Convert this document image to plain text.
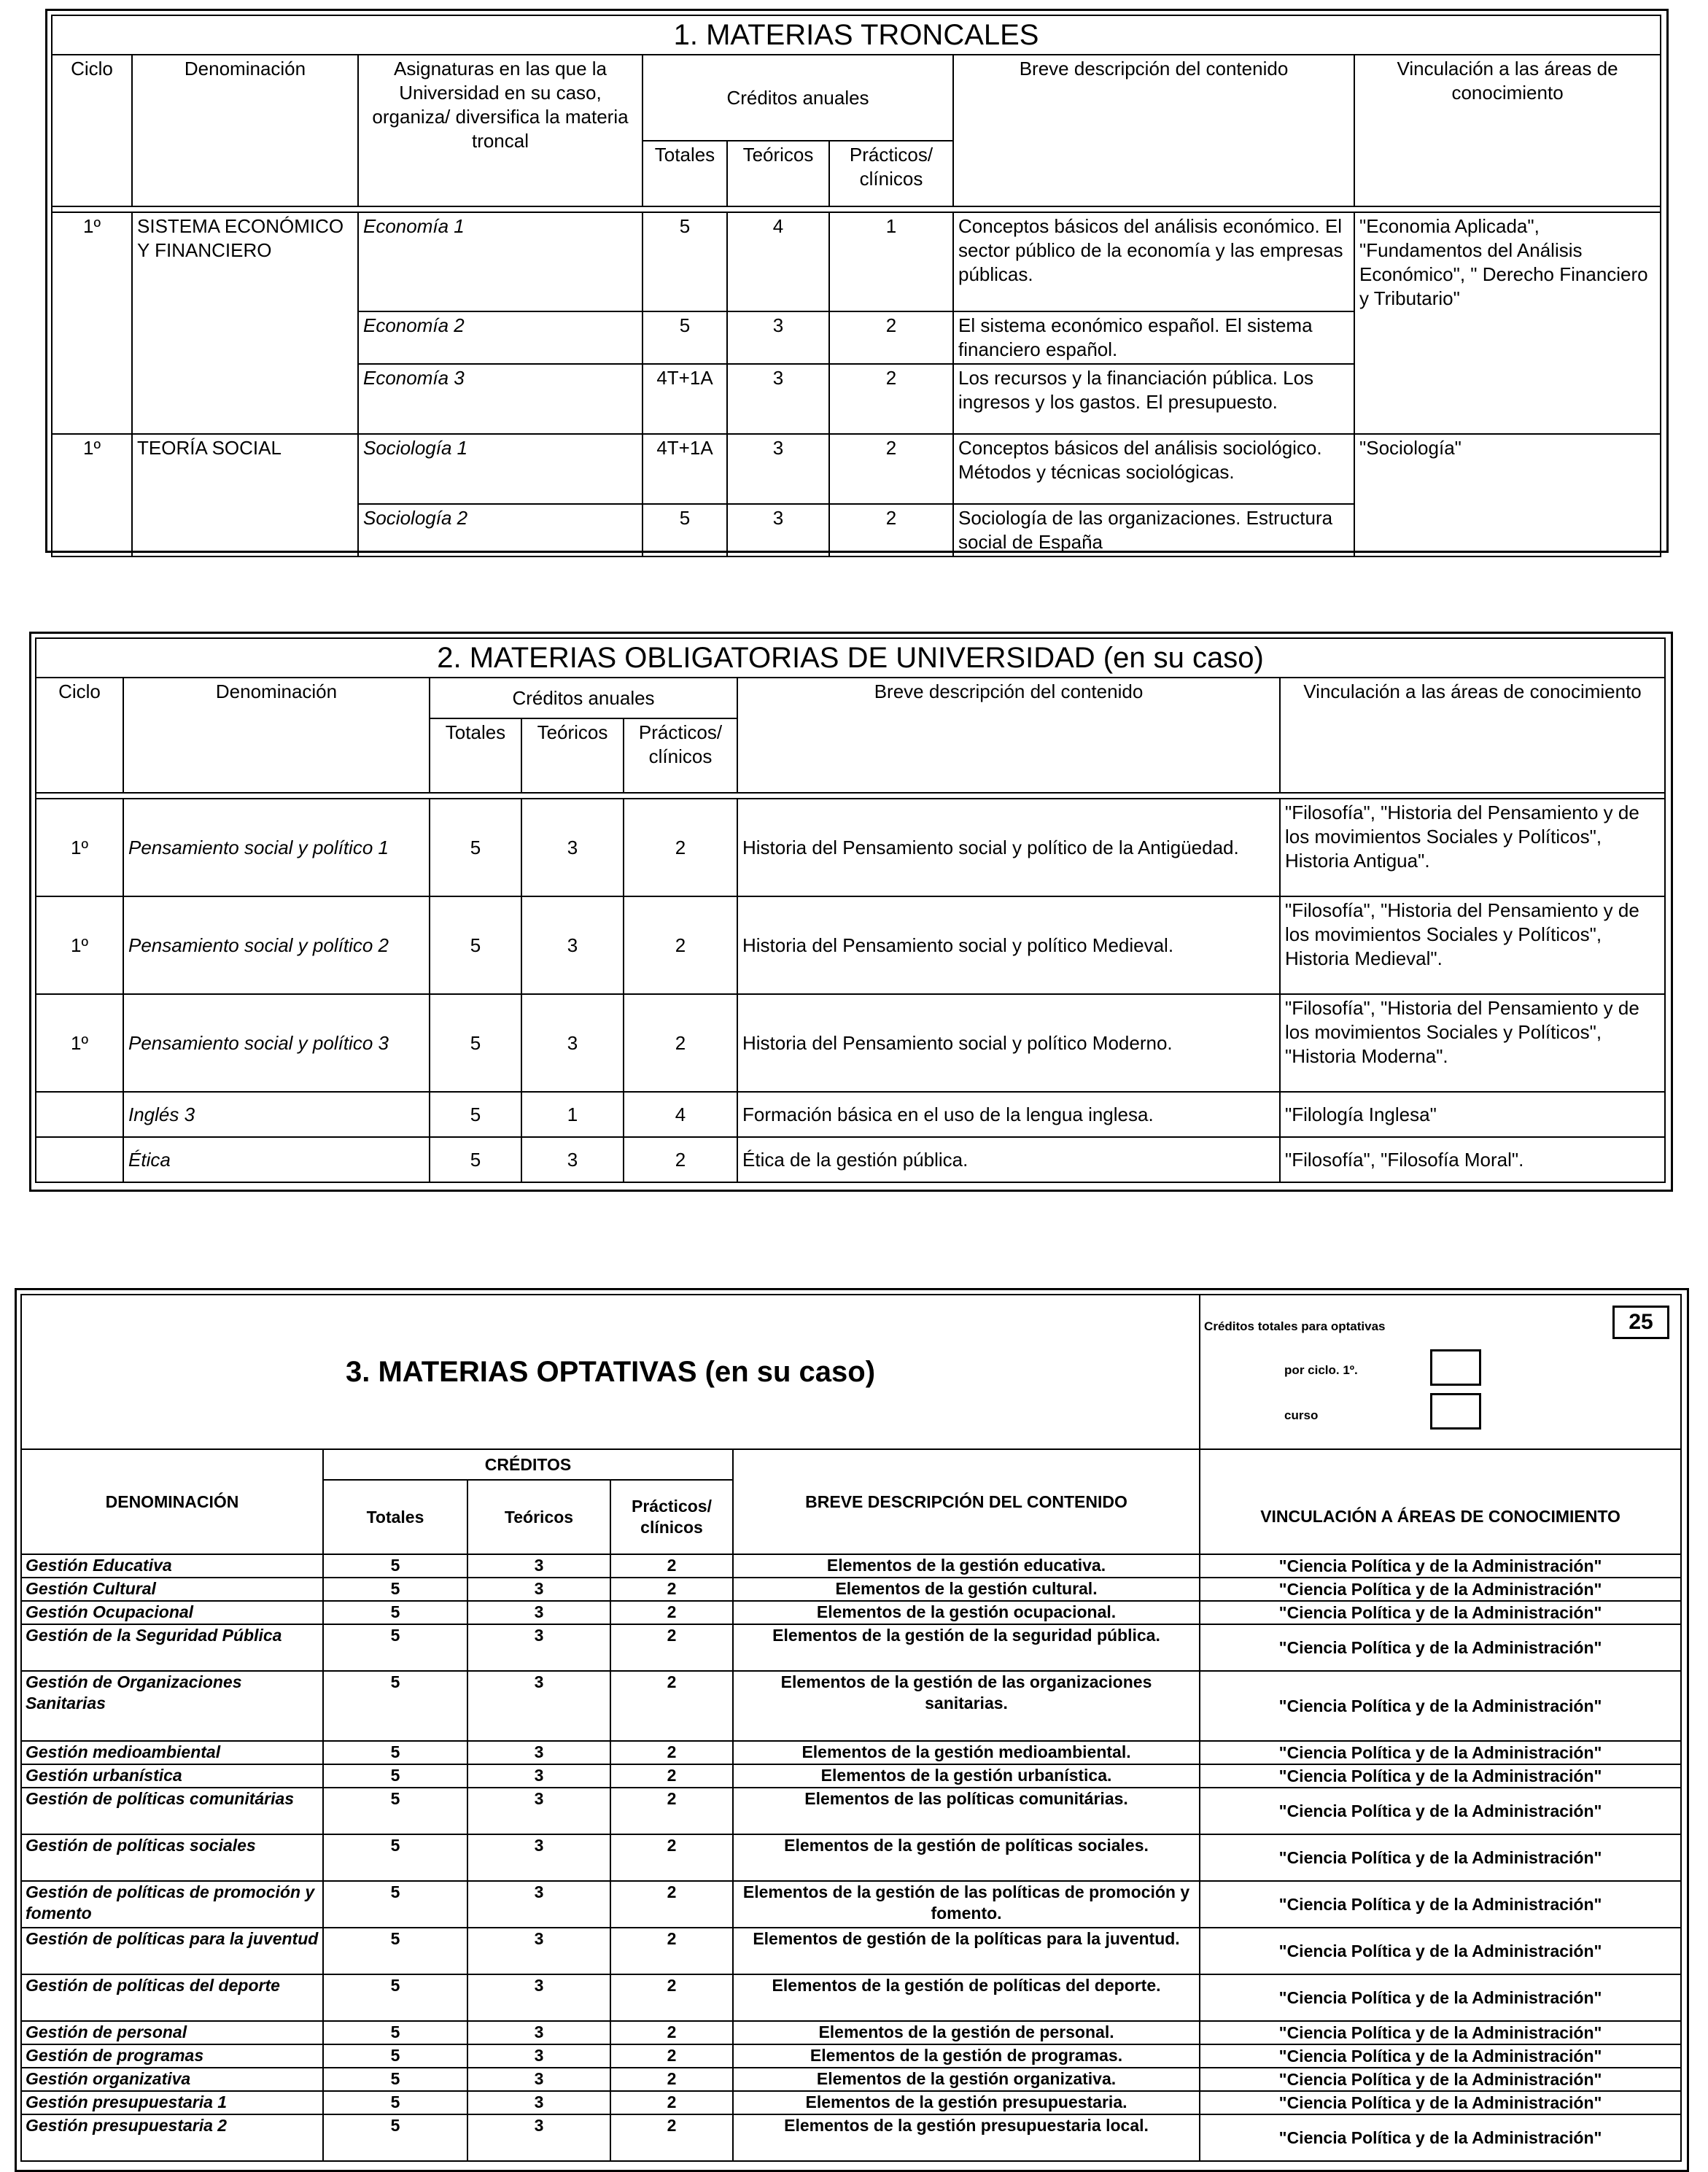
1. MATERIAS TRONCALES							
Ciclo	Denominación	Asignaturas en las que la Universidad en su caso, organiza/ diversifica la materia troncal	Créditos anuales			Breve descripción del contenido	Vinculación a las áreas de conocimiento
			Totales	Teóricos	Prácticos/ clínicos		

1º	SISTEMA ECONÓMICO Y FINANCIERO	Economía 1	5	4	1	Conceptos básicos del análisis económico. El sector público de la economía y las empresas públicas.	"Economia Aplicada", "Fundamentos del Análisis Económico", " Derecho Financiero y Tributario"
		Economía 2	5	3	2	El sistema económico español. El sistema financiero español.	
		Economía 3	4T+1A	3	2	Los recursos y la financiación pública. Los ingresos y los gastos. El presupuesto.	
1º	TEORÍA SOCIAL	Sociología 1	4T+1A	3	2	Conceptos básicos del análisis sociológico. Métodos y técnicas sociológicas.	"Sociología"
		Sociología 2	5	3	2	Sociología de las organizaciones. Estructura social de España	
2. MATERIAS OBLIGATORIAS DE UNIVERSIDAD (en su caso)						
Ciclo	Denominación	Créditos anuales			Breve descripción del contenido	Vinculación a las áreas de conocimiento
		Totales	Teóricos	Prácticos/ clínicos		

1º	Pensamiento social y político 1	5	3	2	Historia del Pensamiento social y político de la Antigüedad.	"Filosofía", "Historia del Pensamiento y de los movimientos Sociales y Políticos", Historia Antigua".
1º	Pensamiento social y político 2	5	3	2	Historia del Pensamiento social y político Medieval.	"Filosofía", "Historia del Pensamiento y de los movimientos Sociales y Políticos", Historia Medieval".
1º	Pensamiento social y político 3	5	3	2	Historia del Pensamiento social y político Moderno.	"Filosofía", "Historia del Pensamiento y de los movimientos Sociales y Políticos", "Historia Moderna".
	Inglés 3	5	1	4	Formación básica en el uso de la lengua inglesa.	"Filología Inglesa"
	Ética	5	3	2	Ética de la gestión pública.	"Filosofía", "Filosofía Moral".
3. MATERIAS OPTATIVAS (en su caso)					Créditos totales para optativas 25
por ciclo. 1º.
curso

DENOMINACIÓN	CRÉDITOS			BREVE DESCRIPCIÓN DEL CONTENIDO	VINCULACIÓN A ÁREAS DE CONOCIMIENTO
	Totales	Teóricos	Prácticos/ clínicos		
Gestión Educativa	5	3	2	Elementos de la gestión educativa.	"Ciencia Política y de la Administración"
Gestión Cultural	5	3	2	Elementos de la gestión cultural.	"Ciencia Política y de la Administración"
Gestión Ocupacional	5	3	2	Elementos de la gestión ocupacional.	"Ciencia Política y de la Administración"
Gestión de la Seguridad Pública	5	3	2	Elementos de la gestión de la seguridad pública.	"Ciencia Política y de la Administración"
Gestión de Organizaciones Sanitarias	5	3	2	Elementos de la gestión de las organizaciones sanitarias.	"Ciencia Política y de la Administración"
Gestión medioambiental	5	3	2	Elementos de la gestión medioambiental.	"Ciencia Política y de la Administración"
Gestión urbanística	5	3	2	Elementos de la gestión urbanística.	"Ciencia Política y de la Administración"
Gestión de políticas comunitárias	5	3	2	Elementos de las políticas comunitárias.	"Ciencia Política y de la Administración"
Gestión de políticas sociales	5	3	2	Elementos de la gestión de políticas sociales.	"Ciencia Política y de la Administración"
Gestión de políticas de promoción y fomento	5	3	2	Elementos de la gestión de las políticas de promoción y fomento.	"Ciencia Política y de la Administración"
Gestión de políticas para la juventud	5	3	2	Elementos de gestión de la políticas para la juventud.	"Ciencia Política y de la Administración"
Gestión de políticas del deporte	5	3	2	Elementos de la gestión de políticas del deporte.	"Ciencia Política y de la Administración"
Gestión de personal	5	3	2	Elementos de la gestión de personal.	"Ciencia Política y de la Administración"
Gestión de programas	5	3	2	Elementos de la gestión de programas.	"Ciencia Política y de la Administración"
Gestión organizativa	5	3	2	Elementos de la gestión organizativa.	"Ciencia Política y de la Administración"
Gestión presupuestaria 1	5	3	2	Elementos de la gestión presupuestaria.	"Ciencia Política y de la Administración"
Gestión presupuestaria 2	5	3	2	Elementos de la gestión presupuestaria local.	"Ciencia Política y de la Administración"
